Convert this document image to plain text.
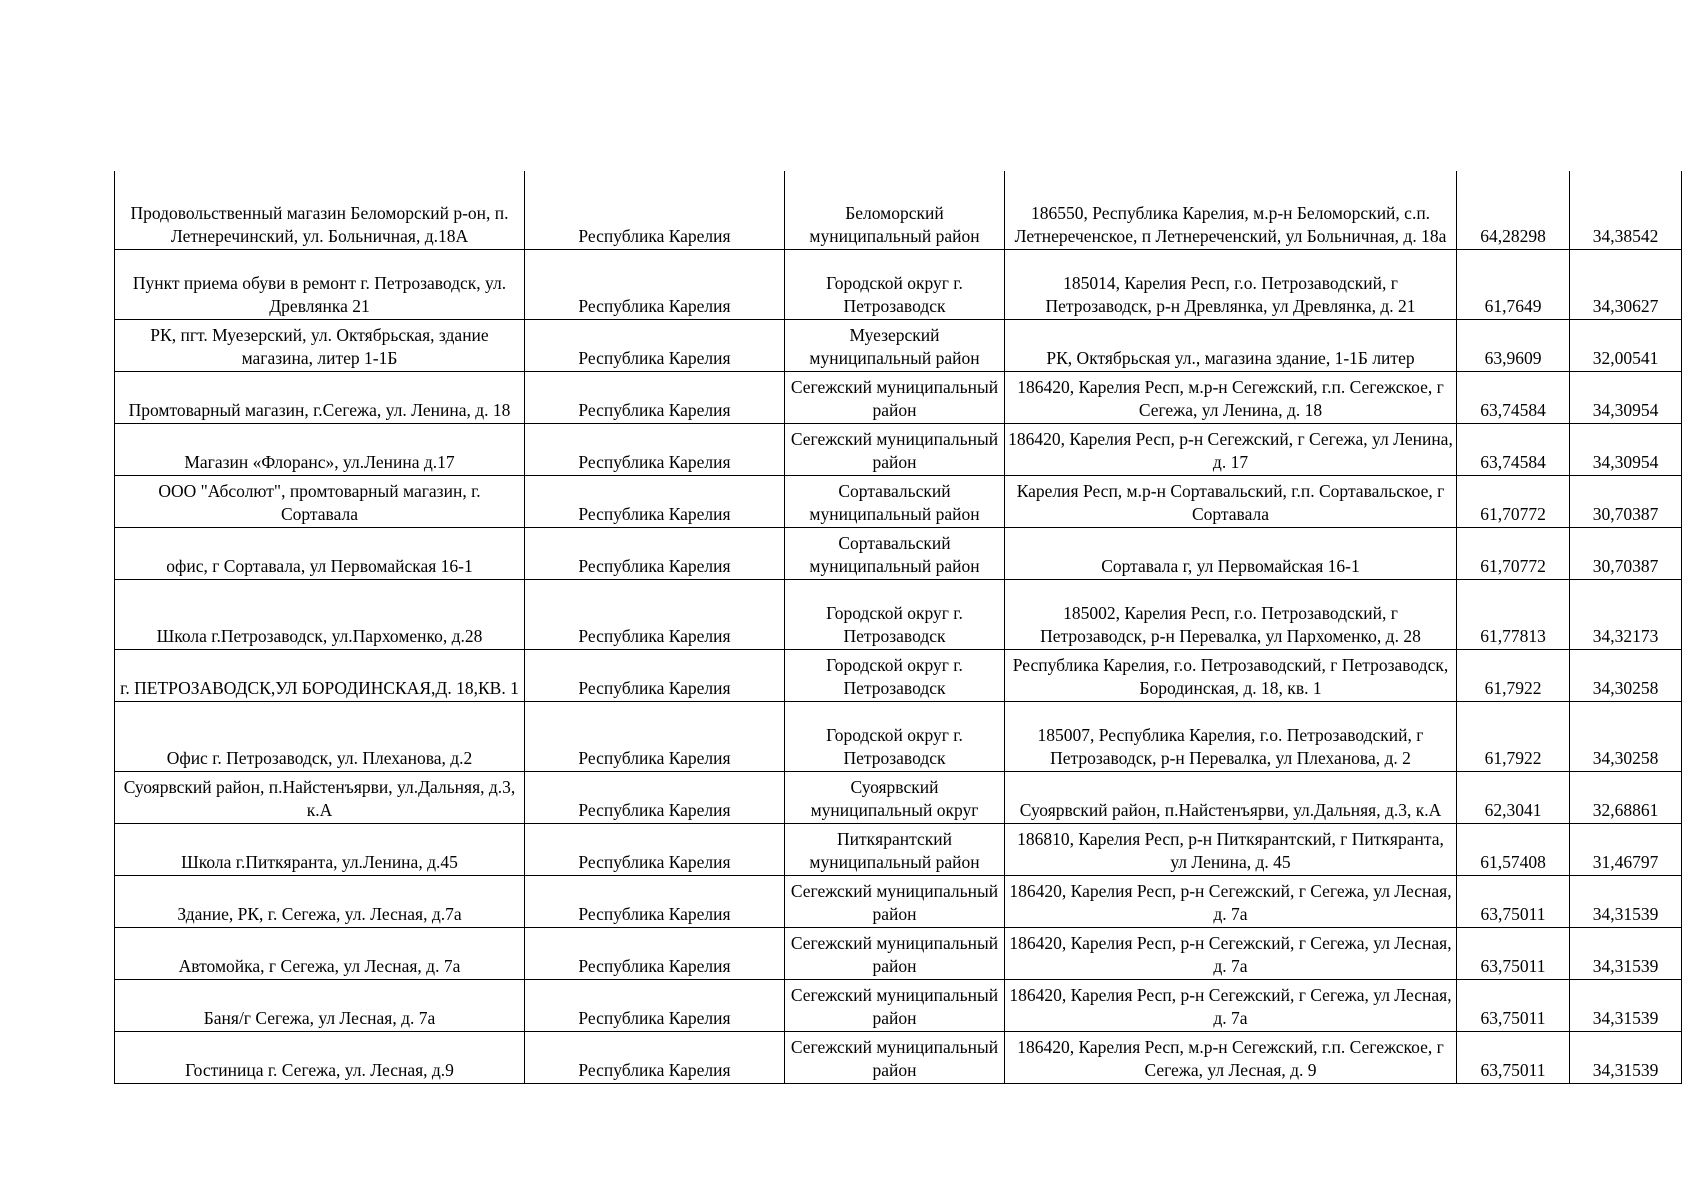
Продовольственный магазин Беломорский р-он, п. Летнеречинский, ул. Больничная, д.18А	Республика Карелия	Беломорский муниципальный район	186550, Республика Карелия, м.р-н Беломорский, с.п. Летнереченское, п Летнереченский, ул Больничная, д. 18а	64,28298	34,38542
Пункт приема обуви в ремонт г. Петрозаводск, ул. Древлянка 21	Республика Карелия	Городской округ г. Петрозаводск	185014, Карелия Респ, г.о. Петрозаводский, г Петрозаводск, р-н Древлянка, ул Древлянка, д. 21	61,7649	34,30627
РК, пгт. Муезерский, ул. Октябрьская, здание магазина, литер 1-1Б	Республика Карелия	Муезерский муниципальный район	РК, Октябрьская ул., магазина здание, 1-1Б литер	63,9609	32,00541
Промтоварный магазин, г.Сегежа, ул. Ленина, д. 18	Республика Карелия	Сегежский муниципальный район	186420, Карелия Респ, м.р-н Сегежский, г.п. Сегежское, г Сегежа, ул Ленина, д. 18	63,74584	34,30954
Магазин «Флоранс», ул.Ленина д.17	Республика Карелия	Сегежский муниципальный район	186420, Карелия Респ, р-н Сегежский, г Сегежа, ул Ленина, д. 17	63,74584	34,30954
ООО "Абсолют", промтоварный магазин, г. Сортавала	Республика Карелия	Сортавальский муниципальный район	Карелия Респ, м.р-н Сортавальский, г.п. Сортавальское, г Сортавала	61,70772	30,70387
офис, г Сортавала, ул Первомайская 16-1	Республика Карелия	Сортавальский муниципальный район	Сортавала г, ул Первомайская 16-1	61,70772	30,70387
Школа г.Петрозаводск, ул.Пархоменко, д.28	Республика Карелия	Городской округ г. Петрозаводск	185002, Карелия Респ, г.о. Петрозаводский, г Петрозаводск, р-н Перевалка, ул Пархоменко, д. 28	61,77813	34,32173
г. ПЕТРОЗАВОДСК,УЛ БОРОДИНСКАЯ,Д. 18,КВ. 1	Республика Карелия	Городской округ г. Петрозаводск	Республика Карелия, г.о. Петрозаводский, г Петрозаводск, Бородинская, д. 18, кв. 1	61,7922	34,30258
Офис г. Петрозаводск, ул. Плеханова, д.2	Республика Карелия	Городской округ г. Петрозаводск	185007, Республика Карелия, г.о. Петрозаводский, г Петрозаводск, р-н Перевалка, ул Плеханова, д. 2	61,7922	34,30258
Суоярвский район, п.Найстенъярви, ул.Дальняя, д.3, к.А	Республика Карелия	Суоярвский муниципальный округ	Суоярвский район, п.Найстенъярви, ул.Дальняя, д.3, к.А	62,3041	32,68861
Школа г.Питкяранта, ул.Ленина, д.45	Республика Карелия	Питкярантский муниципальный район	186810, Карелия Респ, р-н Питкярантский, г Питкяранта, ул Ленина, д. 45	61,57408	31,46797
Здание, РК, г. Сегежа, ул. Лесная, д.7а	Республика Карелия	Сегежский муниципальный район	186420, Карелия Респ, р-н Сегежский, г Сегежа, ул Лесная, д. 7а	63,75011	34,31539
Автомойка, г Сегежа, ул Лесная, д. 7а	Республика Карелия	Сегежский муниципальный район	186420, Карелия Респ, р-н Сегежский, г Сегежа, ул Лесная, д. 7а	63,75011	34,31539
Баня/г Сегежа, ул Лесная, д. 7а	Республика Карелия	Сегежский муниципальный район	186420, Карелия Респ, р-н Сегежский, г Сегежа, ул Лесная, д. 7а	63,75011	34,31539
Гостиница г. Сегежа, ул. Лесная, д.9	Республика Карелия	Сегежский муниципальный район	186420, Карелия Респ, м.р-н Сегежский, г.п. Сегежское, г Сегежа, ул Лесная, д. 9	63,75011	34,31539
